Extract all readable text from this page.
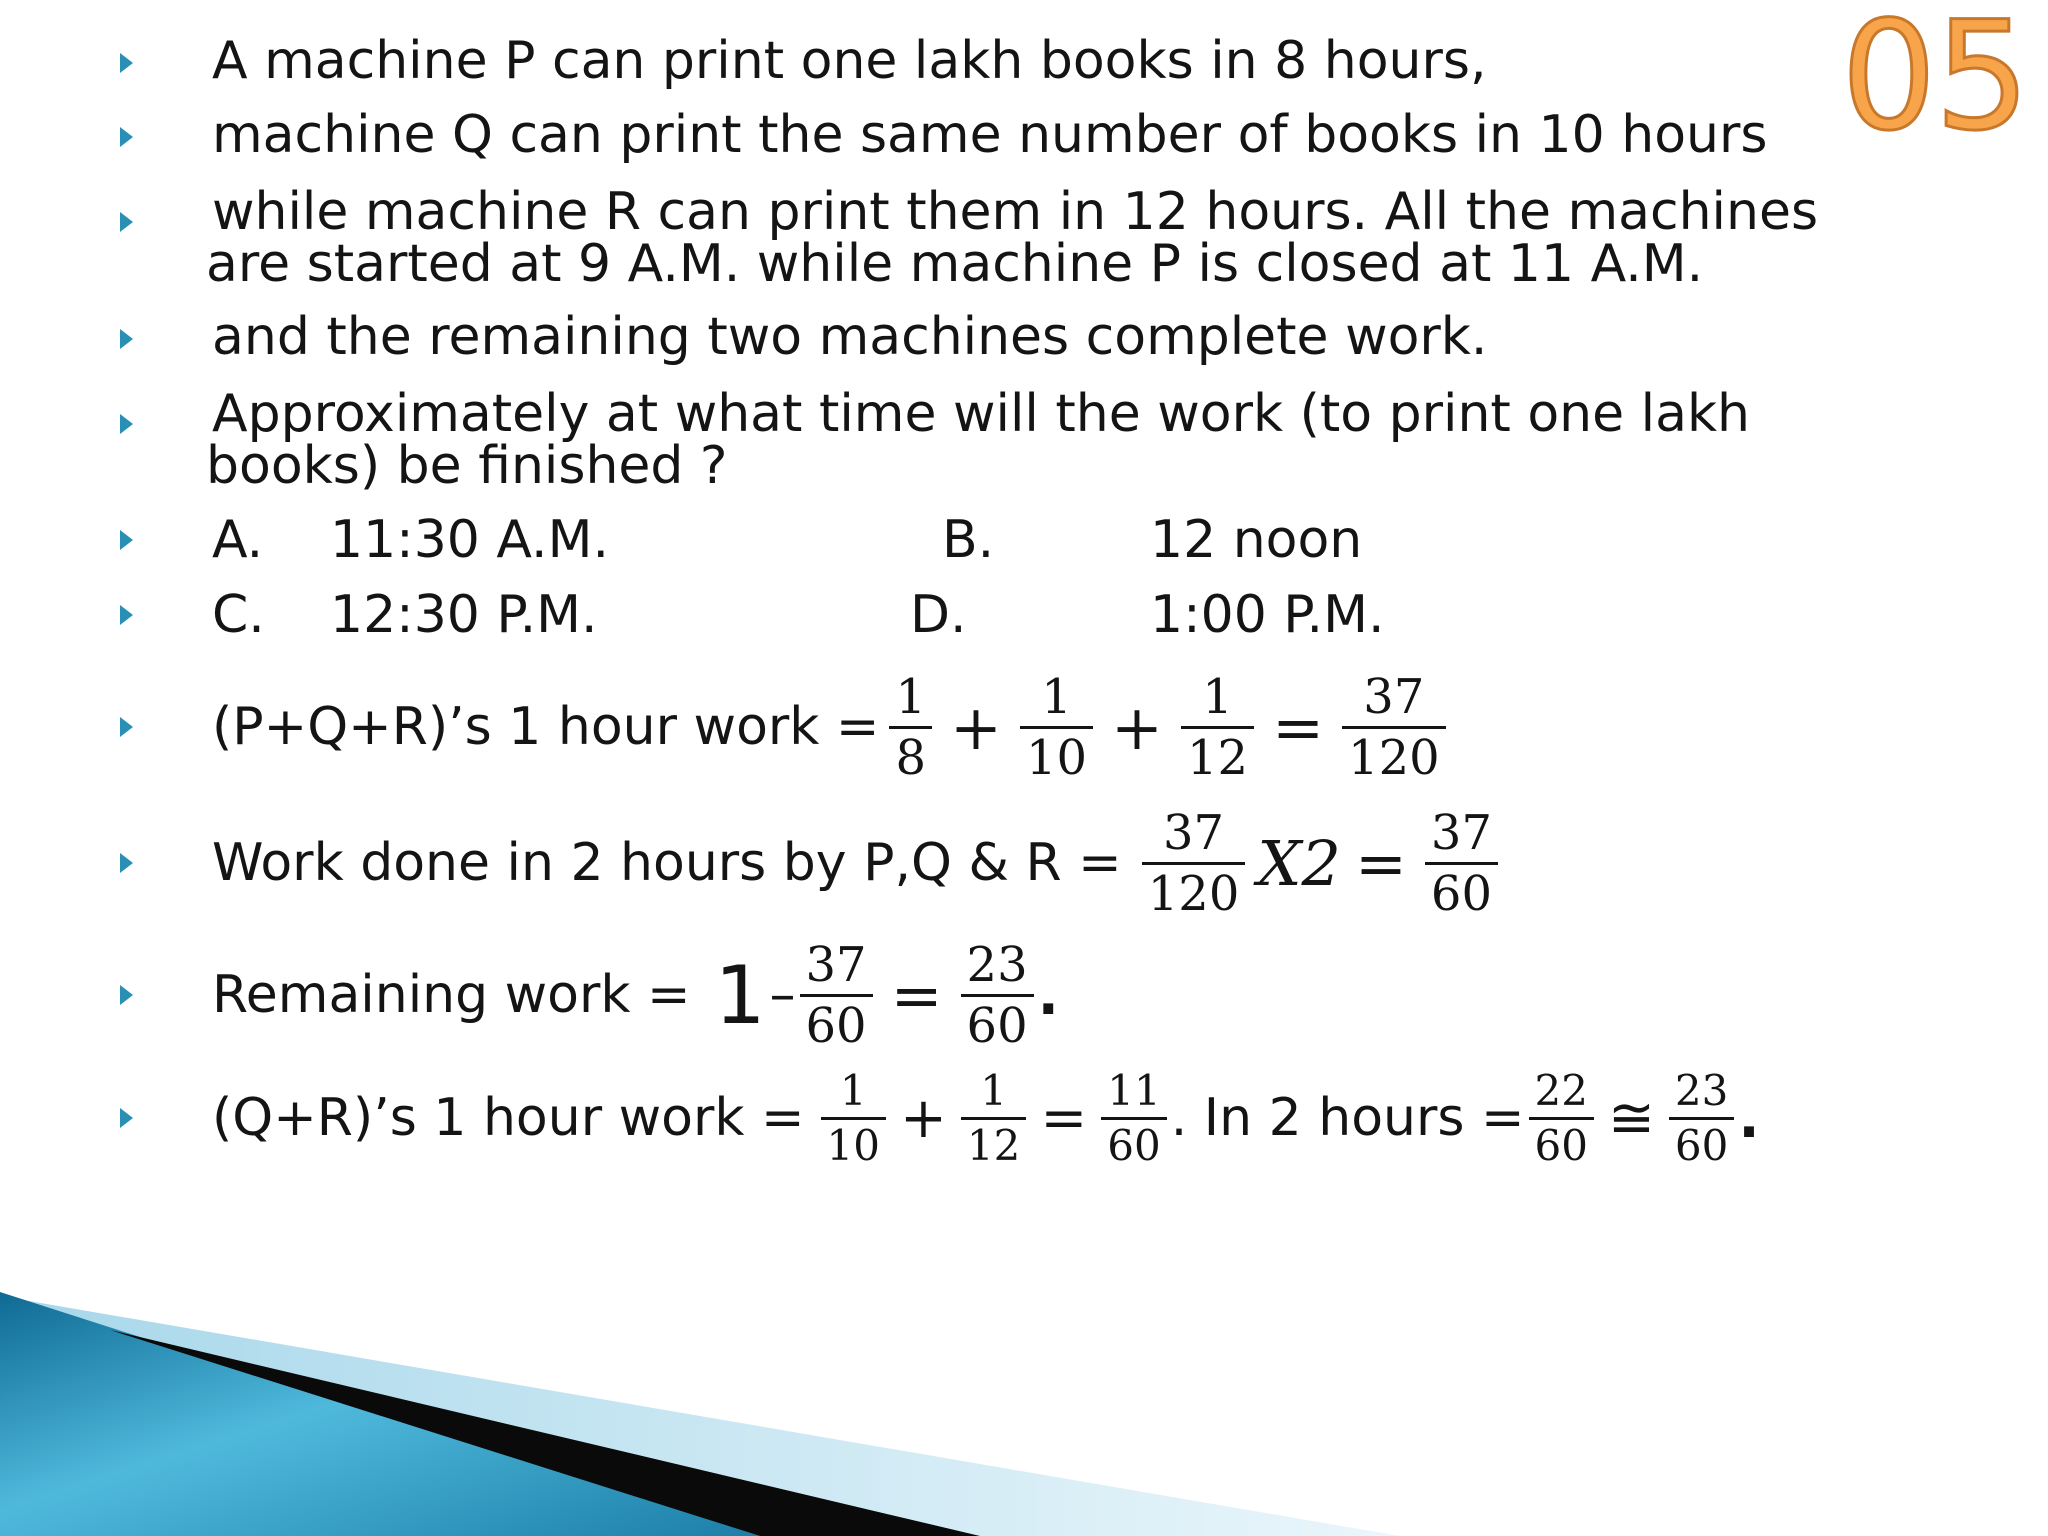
05
A machine P can print one lakh books in 8 hours,
machine Q can print the same number of books in 10 hours
while machine R can print them in 12 hours. All the machines
are started at 9 A.M. while machine P is closed at 11 A.M.
and the remaining two machines complete work.
Approximately at what time will the work (to print one lakh
books) be finished ?
A. 11:30 A.M.	B.	12 noon
C. 12:30 P.M.	D.	1:00 P.M.
(P+Q+R)’s 1 hour work = $\frac{1}{8} + \frac{1}{10} + \frac{1}{12} = \frac{37}{120}$
Work done in 2 hours by P,Q & $R = \frac{37}{120} X2 = \frac{37}{60}$
Remaining work = $1 - \frac{37}{60} = \frac{23}{60}$ .
(Q+R)’s 1 hour work = $\frac{1}{10} + \frac{1}{12} = \frac{11}{60}$ . In 2 hours = $\frac{22}{60}$ ≅ $\frac{23}{60}$ .
